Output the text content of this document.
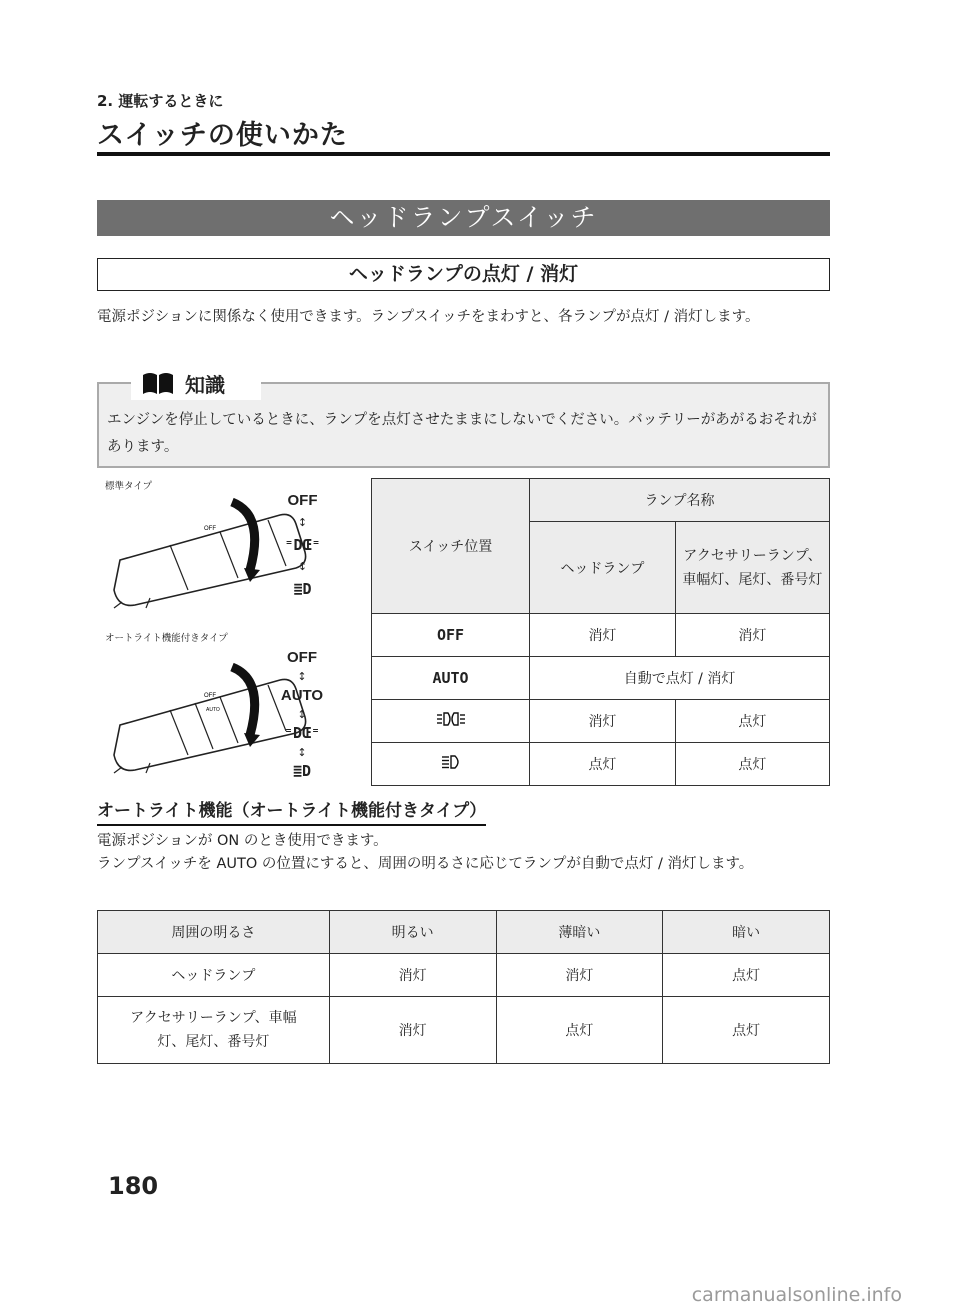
2. 運転するときに
スイッチの使いかた
ヘッドランプスイッチ
ヘッドランプの点灯 / 消灯
電源ポジションに関係なく使用できます。ランプスイッチをまわすと、各ランプが点灯 / 消灯します。
知識
エンジンを停止しているときに、ランプを点灯させたままにしないでください。バッテリーがあがるおそれがあります。
標準タイプ
OFF
OFF
↕
⁼DŒ⁼
↕
≣D
オートライト機能付きタイプ
OFF
AUTO
OFF
↕
AUTO
↕
⁼DŒ⁼
↕
≣D
スイッチ位置	ランプ名称	
	ヘッドランプ	アクセサリーランプ、車幅灯、尾灯、番号灯
OFF	消灯	消灯
AUTO	自動で点灯 / 消灯	
	消灯	点灯
	点灯	点灯
オートライト機能（オートライト機能付きタイプ）
電源ポジションが ON のとき使用できます。
ランプスイッチを AUTO の位置にすると、周囲の明るさに応じてランプが自動で点灯 / 消灯します。
周囲の明るさ	明るい	薄暗い	暗い
ヘッドランプ	消灯	消灯	点灯
アクセサリーランプ、車幅灯、尾灯、番号灯	消灯	点灯	点灯
180
carmanualsonline.info
